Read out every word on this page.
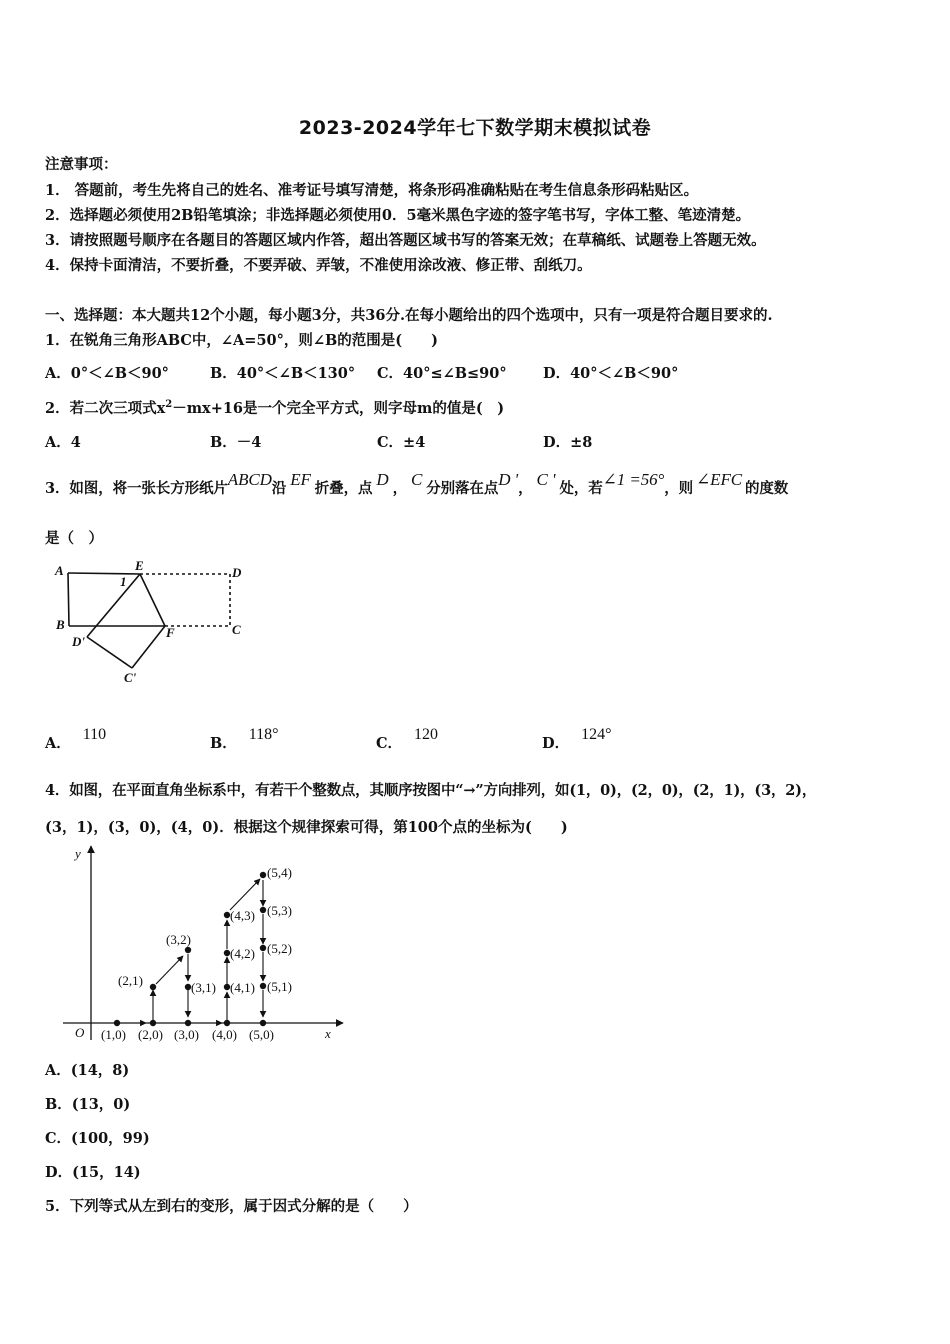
2023-2024学年七下数学期末模拟试卷
注意事项：
1． 答题前，考生先将自己的姓名、准考证号填写清楚，将条形码准确粘贴在考生信息条形码粘贴区。
2．选择题必须使用2B铅笔填涂；非选择题必须使用0．5毫米黑色字迹的签字笔书写，字体工整、笔迹清楚。
3．请按照题号顺序在各题目的答题区域内作答，超出答题区域书写的答案无效；在草稿纸、试题卷上答题无效。
4．保持卡面清洁，不要折叠，不要弄破、弄皱，不准使用涂改液、修正带、刮纸刀。
一、选择题：本大题共12个小题，每小题3分，共36分.在每小题给出的四个选项中，只有一项是符合题目要求的.
1．在锐角三角形ABC中，∠A=50°，则∠B的范围是(　　)
A．0°＜∠B＜90°	B．40°＜∠B＜130° C．40°≤∠B≤90°	D．40°＜∠B＜90°
2．若二次三项式$x^2-mx+16$是一个完全平方式，则字母m的值是(　)
A．4	B．－4	C．±4	D．±8
3．如图，将一张长方形纸片ABCD沿 EF 折叠，点 D ， C 分别落在点D '， C ' 处，若∠1 =56°，则 ∠EFC 的度数
是（　）
A	E	D
1
B
D'
F	C
C'
A．110
B．118°
C．120
D．124°
4．如图，在平面直角坐标系中，有若干个整数点，其顺序按图中“→”方向排列，如(1，0)，(2，0)，(2，1)，(3，2)，
(3，1)，(3，0)，(4，0)．根据这个规律探索可得，第100个点的坐标为(　　)
y
x
O (1,0) (2,0) (3,0) (4,0) (5,0)
(2,1)
(3,2)
(3,1) (4,1)
(4,2)
(4,3)
(5,4)
(5,3)
(5,2)
(5,1)
A．(14，8)
B．(13，0)
C．(100，99)
D．(15，14)
5．下列等式从左到右的变形，属于因式分解的是（　　）
